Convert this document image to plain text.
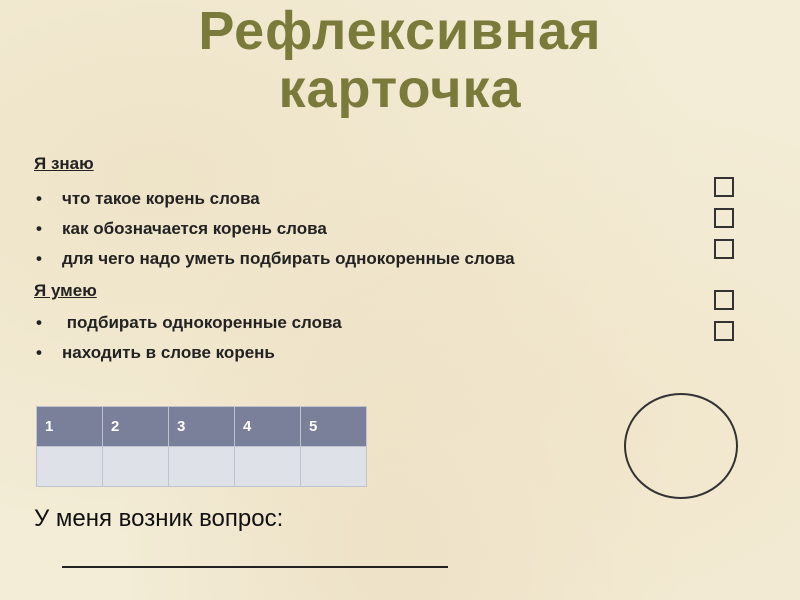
Рефлексивная
карточка
Я знаю
• что такое корень слова
• как обозначается корень слова
• для чего надо уметь подбирать однокоренные слова
Я умею
• подбирать однокоренные слова
• находить в слове корень
1	2	3	4	5

У меня возник вопрос:
